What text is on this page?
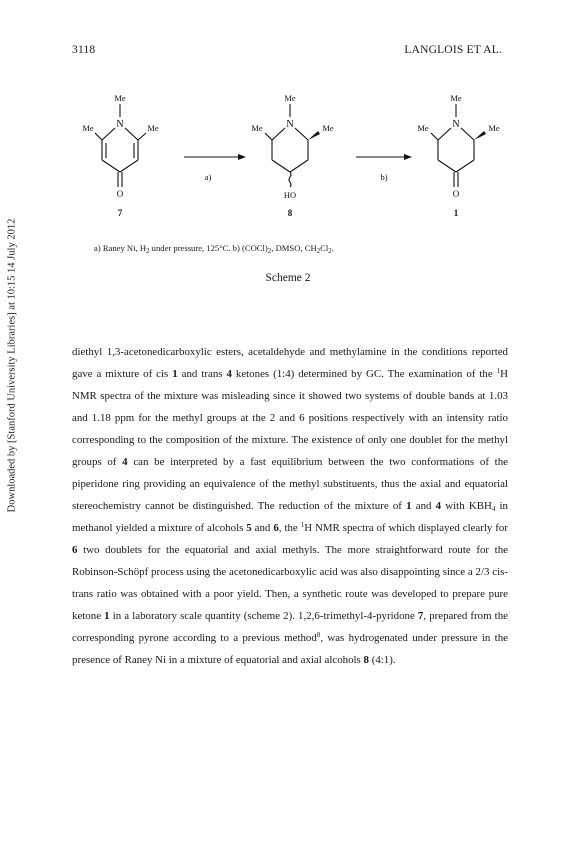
3118	LANGLOIS ET AL.
Downloaded by [Stanford University Libraries] at 10:15 14 July 2012
Me
N
Me	Me
O
7
Me
N
Me	Me
HO
8
Me
N
Me	Me
O
1
a)	b)
a) Raney Ni, $H_2$ under pressure, 125°C. b) $(COCl)_2$, DMSO, $CH_2Cl_2$.
Scheme 2

diethyl 1,3-acetonedicarboxylic esters, acetaldehyde and methylamine in the conditions reported gave a mixture of cis 1 and trans 4 ketones (1:4) determined by GC. The examination of the $^1$H NMR spectra of the mixture was misleading since it showed two systems of double bands at 1.03 and 1.18 ppm for the methyl groups at the 2 and 6 positions respectively with an intensity ratio corresponding to the composition of the mixture. The existence of only one doublet for the methyl groups of 4 can be interpreted by a fast equilibrium between the two conformations of the piperidone ring providing an equivalence of the methyl substituents, thus the axial and equatorial stereochemistry cannot be distinguished. The reduction of the mixture of 1 and 4 with $KBH_4$ in methanol yielded a mixture of alcohols 5 and 6, the $^1$H NMR spectra of which displayed clearly for 6 two doublets for the equatorial and axial methyls. The more straightforward route for the Robinson-Schöpf process using the acetonedicarboxylic acid was also disappointing since a 2/3 cis-trans ratio was obtained with a poor yield. Then, a synthetic route was developed to prepare pure ketone 1 in a laboratory scale quantity (scheme 2). 1,2,6-trimethyl-4-pyridone 7, prepared from the corresponding pyrone according to a previous method$^8$, was hydrogenated under pressure in the presence of Raney Ni in a mixture of equatorial and axial alcohols 8 (4:1).
